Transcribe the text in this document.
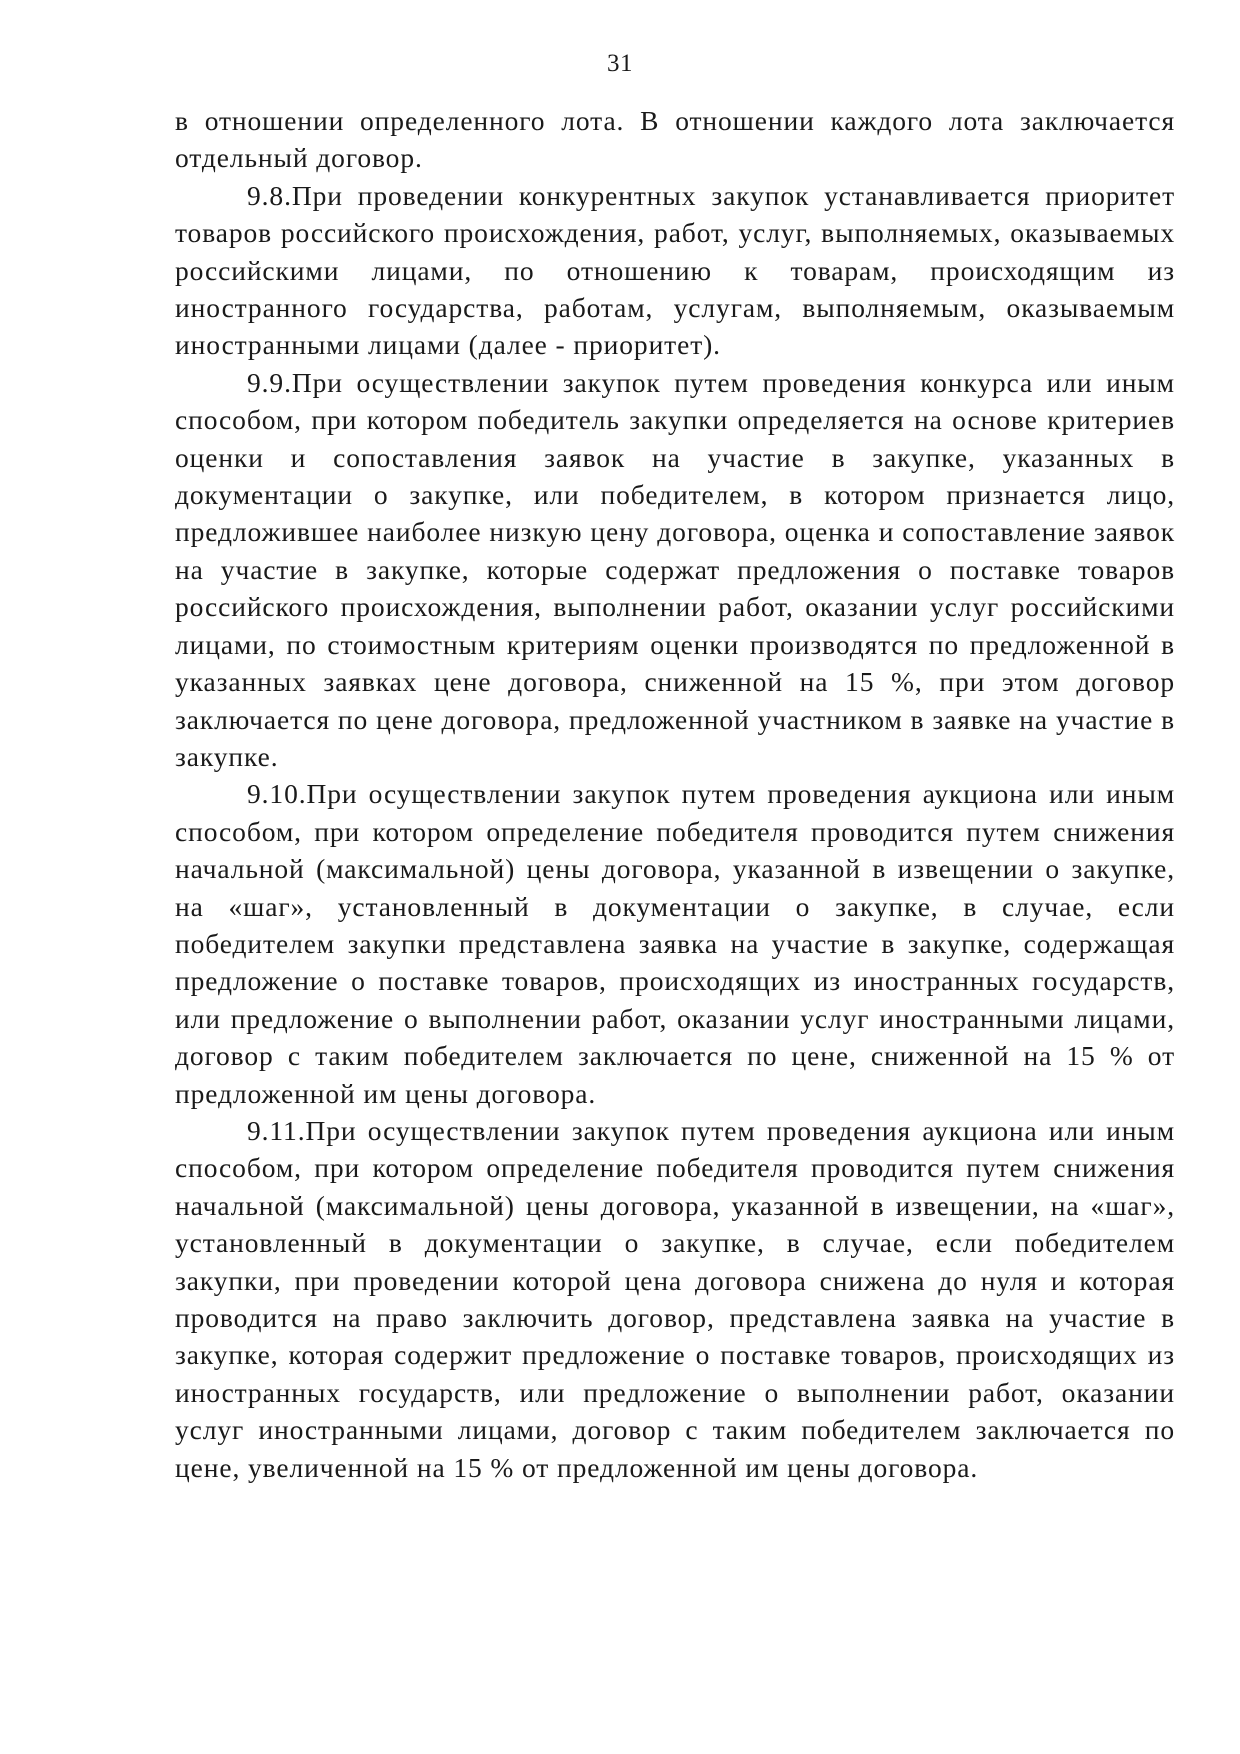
31

в отношении определенного лота. В отношении каждого лота заключается отдельный договор.

9.8.При проведении конкурентных закупок устанавливается приоритет товаров российского происхождения, работ, услуг, выполняемых, оказываемых российскими лицами, по отношению к товарам, происходящим из иностранного государства, работам, услугам, выполняемым, оказываемым иностранными лицами (далее - приоритет).

9.9.При осуществлении закупок путем проведения конкурса или иным способом, при котором победитель закупки определяется на основе критериев оценки и сопоставления заявок на участие в закупке, указанных в документации о закупке, или победителем, в котором признается лицо, предложившее наиболее низкую цену договора, оценка и сопоставление заявок на участие в закупке, которые содержат предложения о поставке товаров российского происхождения, выполнении работ, оказании услуг российскими лицами, по стоимостным критериям оценки производятся по предложенной в указанных заявках цене договора, сниженной на 15 %, при этом договор заключается по цене договора, предложенной участником в заявке на участие в закупке.

9.10.При осуществлении закупок путем проведения аукциона или иным способом, при котором определение победителя проводится путем снижения начальной (максимальной) цены договора, указанной в извещении о закупке, на «шаг», установленный в документации о закупке, в случае, если победителем закупки представлена заявка на участие в закупке, содержащая предложение о поставке товаров, происходящих из иностранных государств, или предложение о выполнении работ, оказании услуг иностранными лицами, договор с таким победителем заключается по цене, сниженной на 15 % от предложенной им цены договора.

9.11.При осуществлении закупок путем проведения аукциона или иным способом, при котором определение победителя проводится путем снижения начальной (максимальной) цены договора, указанной в извещении, на «шаг», установленный в документации о закупке, в случае, если победителем закупки, при проведении которой цена договора снижена до нуля и которая проводится на право заключить договор, представлена заявка на участие в закупке, которая содержит предложение о поставке товаров, происходящих из иностранных государств, или предложение о выполнении работ, оказании услуг иностранными лицами, договор с таким победителем заключается по цене, увеличенной на 15 % от предложенной им цены договора.
